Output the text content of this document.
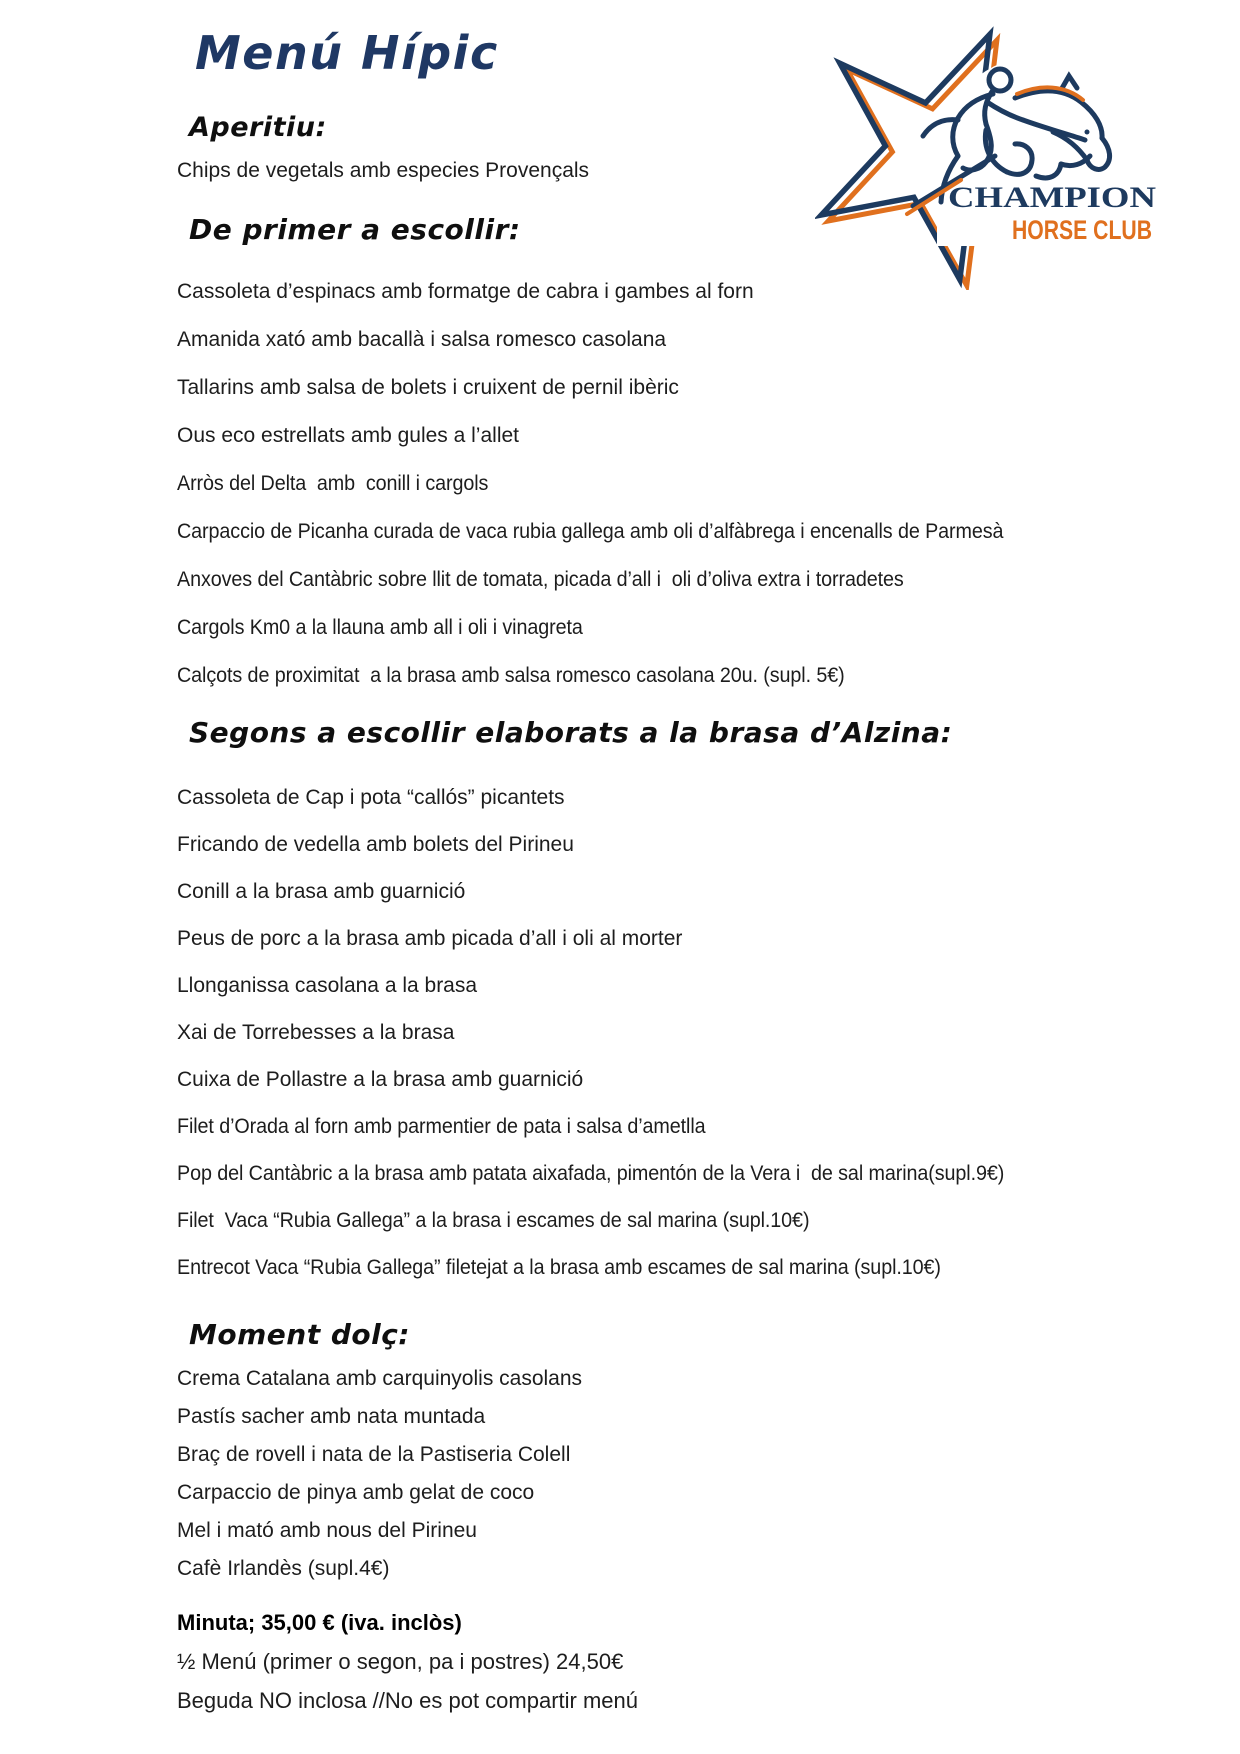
CHAMPION
HORSE CLUB
Menú Hípic
Aperitiu:
Chips de vegetals amb especies Provençals
De primer a escollir:
Cassoleta d’espinacs amb formatge de cabra i gambes al forn
Amanida xató amb bacallà i salsa romesco casolana
Tallarins amb salsa de bolets i cruixent de pernil ibèric
Ous eco estrellats amb gules a l’allet
Arròs del Delta  amb  conill i cargols
Carpaccio de Picanha curada de vaca rubia gallega amb oli d’alfàbrega i encenalls de Parmesà
Anxoves del Cantàbric sobre llit de tomata, picada d’all i  oli d’oliva extra i torradetes
Cargols Km0 a la llauna amb all i oli i vinagreta
Calçots de proximitat  a la brasa amb salsa romesco casolana 20u. (supl. 5€)
Segons a escollir elaborats a la brasa d’Alzina:
Cassoleta de Cap i pota “callós” picantets
Fricando de vedella amb bolets del Pirineu
Conill a la brasa amb guarnició
Peus de porc a la brasa amb picada d’all i oli al morter
Llonganissa casolana a la brasa
Xai de Torrebesses a la brasa
Cuixa de Pollastre a la brasa amb guarnició
Filet d’Orada al forn amb parmentier de pata i salsa d’ametlla
Pop del Cantàbric a la brasa amb patata aixafada, pimentón de la Vera i  de sal marina(supl.9€)
Filet  Vaca “Rubia Gallega” a la brasa i escames de sal marina (supl.10€)
Entrecot Vaca “Rubia Gallega” filetejat a la brasa amb escames de sal marina (supl.10€)
Moment dolç:
Crema Catalana amb carquinyolis casolans
Pastís sacher amb nata muntada
Braç de rovell i nata de la Pastiseria Colell
Carpaccio de pinya amb gelat de coco
Mel i mató amb nous del Pirineu
Cafè Irlandès (supl.4€)

Minuta; 35,00 € (iva. inclòs)

½ Menú (primer o segon, pa i postres) 24,50€

Beguda NO inclosa //No es pot compartir menú
